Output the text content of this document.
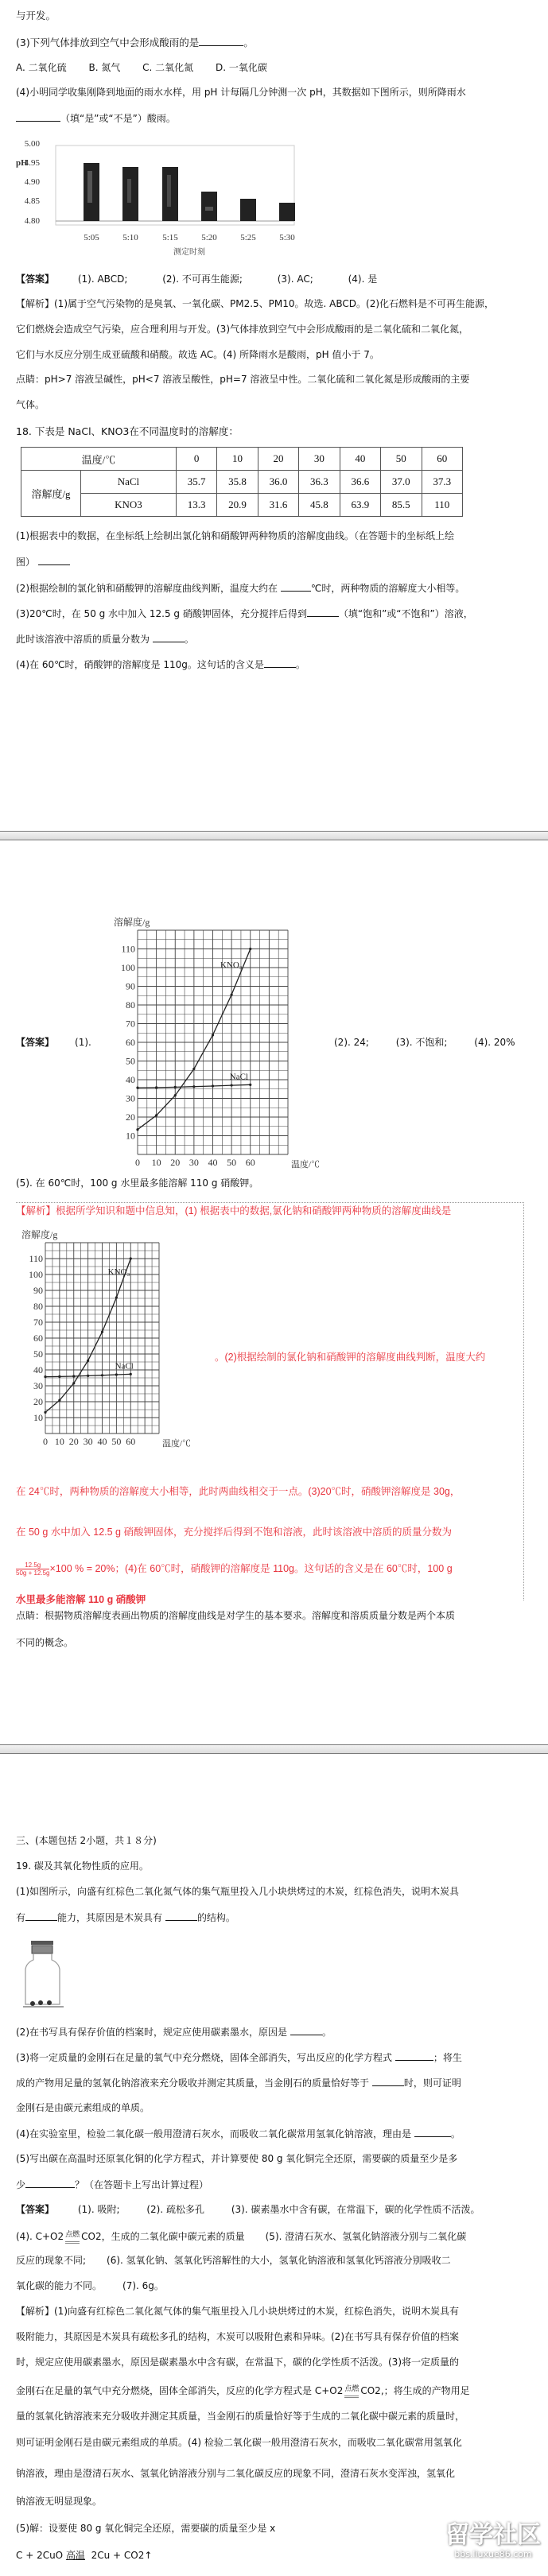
与开发。
(3)下列气体排放到空气中会形成酸雨的是	。
A. 二氧化硫 B. 氮气 C. 二氧化氮 D. 一氧化碳
(4)小明同学收集刚降到地面的雨水水样，用 pH 计每隔几分钟测一次 pH，其数据如下图所示，则所降雨水
（填“是”或“不是”）酸雨。
5.00
4.95
pH
4.90
4.85
4.80
5:05	5:10	5:15	5:20	5:25	5:30
测定时刻
【答案】 (1). ABCD;	(2). 不可再生能源;	(3). AC;	(4). 是
【解析】(1)属于空气污染物的是臭氧、一氧化碳、PM2.5、PM10。故选. ABCD。(2)化石燃料是不可再生能源，
它们燃烧会造成空气污染，应合理利用与开发。(3)气体排放到空气中会形成酸雨的是二氧化硫和二氧化氮，
它们与水反应分别生成亚硫酸和硝酸。故选 AC。(4) 所降雨水是酸雨，pH 值小于 7。
点睛：pH>7 溶液呈碱性，pH<7 溶液呈酸性，pH=7 溶液呈中性。二氧化硫和二氧化氮是形成酸雨的主要
气体。
18. 下表是 NaCl、KNO3在不同温度时的溶解度：
温度/℃		0	10	20	30	40	50	60
溶解度/g	NaCl	35.7	35.8	36.0	36.3	36.6	37.0	37.3
	KNO3	13.3	20.9	31.6	45.8	63.9	85.5	110
(1)根据表中的数据，在坐标纸上绘制出氯化钠和硝酸钾两种物质的溶解度曲线。（在答题卡的坐标纸上绘
图）
(2)根据绘制的氯化钠和硝酸钾的溶解度曲线判断，温度大约在	℃时，两种物质的溶解度大小相等。
(3)20℃时，在 50 g 水中加入 12.5 g 硝酸钾固体，充分搅拌后得到	（填“饱和”或“不饱和”）溶液，
此时该溶液中溶质的质量分数为	。
(4)在 60℃时，硝酸钾的溶解度是 110g。这句话的含义是	。
【答案】 (1).	(2). 24;	(3). 不饱和;	(4). 20%
溶解度/g
10
20
30
40
50
60
70
80
90
100
110
0 10 20 30 40 50 60	温度/℃
KNO₃
NaCl
(5). 在 60℃时，100 g 水里最多能溶解 110 g 硝酸钾。
【解析】根据所学知识和题中信息知，(1) 根据表中的数据,氯化钠和硝酸钾两种物质的溶解度曲线是
溶解度/g
10
20
30
40
50
60
70
80
90
100
110
0 10 20 30 40 50 60	温度/℃
KNO₃
NaCl
。(2)根据绘制的氯化钠和硝酸钾的溶解度曲线判断，温度大约
在 24℃时，两种物质的溶解度大小相等，此时两曲线相交于一点。(3)20℃时，硝酸钾溶解度是 30g，
在 50 g 水中加入 12.5 g 硝酸钾固体，充分搅拌后得到不饱和溶液，此时该溶液中溶质的质量分数为
$\frac{12.5g}{50g + 12.5g} \times 100$ % = 20%；(4)在 60℃时，硝酸钾的溶解度是 110g。这句话的含义是在 60℃时，100 g
水里最多能溶解 110 g 硝酸钾
点睛：根据物质溶解度表画出物质的溶解度曲线是对学生的基本要求。溶解度和溶质质量分数是两个本质
不同的概念。
三、(本题包括 2小题，共１８分)
19. 碳及其氧化物性质的应用。
(1)如图所示，向盛有红棕色二氧化氮气体的集气瓶里投入几小块烘烤过的木炭，红棕色消失，说明木炭具
有	能力，其原因是木炭具有	的结构。
(2)在书写具有保存价值的档案时，规定应使用碳素墨水，原因是	。
(3)将一定质量的金刚石在足量的氧气中充分燃烧，固体全部消失，写出反应的化学方程式	；将生
成的产物用足量的氢氧化钠溶液来充分吸收并测定其质量，当金刚石的质量恰好等于	时，则可证明
金刚石是由碳元素组成的单质。
(4)在实验室里，检验二氧化碳一般用澄清石灰水，而吸收二氧化碳常用氢氧化钠溶液，理由是	。
(5)写出碳在高温时还原氧化铜的化学方程式，并计算要使 80 g 氧化铜完全还原，需要碳的质量至少是多
少	？（在答题卡上写出计算过程）
【答案】 (1). 吸附;	(2). 疏松多孔	(3). 碳素墨水中含有碳，在常温下，碳的化学性质不活泼。
(4). C+O2 点燃 CO2，生成的二氧化碳中碳元素的质量 (5). 澄清石灰水、氢氧化钠溶液分别与二氧化碳
反应的现象不同; (6). 氢氧化钠、氢氧化钙溶解性的大小，氢氧化钠溶液和氢氧化钙溶液分别吸收二
氧化碳的能力不同。 (7). 6g。
【解析】(1)向盛有红棕色二氧化氮气体的集气瓶里投入几小块烘烤过的木炭，红棕色消失，说明木炭具有
吸附能力，其原因是木炭具有疏松多孔的结构，木炭可以吸附色素和异味。(2)在书写具有保存价值的档案
时，规定应使用碳素墨水，原因是碳素墨水中含有碳，在常温下，碳的化学性质不活泼。(3)将一定质量的
金刚石在足量的氧气中充分燃烧，固体全部消失，反应的化学方程式是 C+O2 点燃 CO2,；将生成的产物用足
量的氢氧化钠溶液来充分吸收并测定其质量，当金刚石的质量恰好等于生成的二氧化碳中碳元素的质量时，
则可证明金刚石是由碳元素组成的单质。(4) 检验二氧化碳一般用澄清石灰水，而吸收二氧化碳常用氢氧化
钠溶液，理由是澄清石灰水、氢氧化钠溶液分别与二氧化碳反应的现象不同，澄清石灰水变浑浊，氢氧化
钠溶液无明显现象。
(5)解：设要使 80 g 氧化铜完全还原，需要碳的质量至少是 x
C + 2CuO 高温 2Cu + CO2↑
留学社区
bbs.liuxue86.com
